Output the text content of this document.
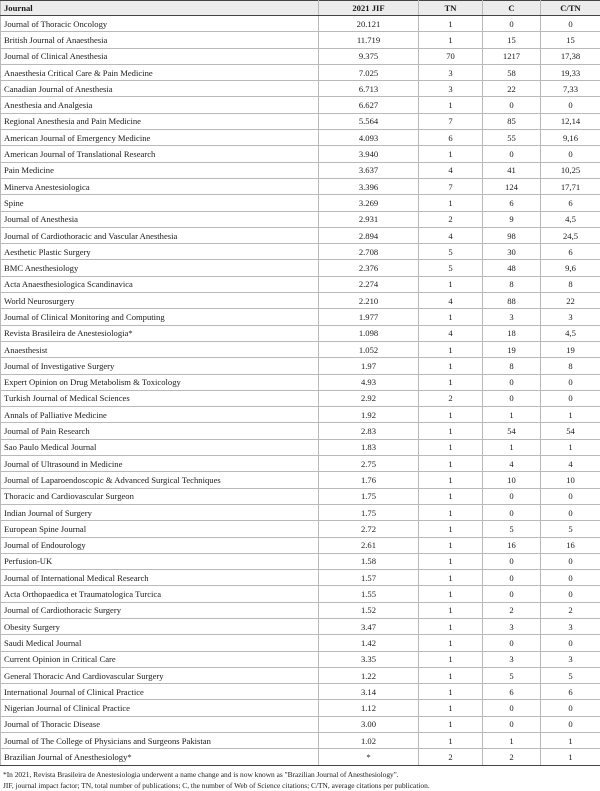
Journal	2021 JIF	TN	C	C/TN
Journal of Thoracic Oncology	20.121	1	0	0
British Journal of Anaesthesia	11.719	1	15	15
Journal of Clinical Anesthesia	9.375	70	1217	17,38
Anaesthesia Critical Care & Pain Medicine	7.025	3	58	19,33
Canadian Journal of Anesthesia	6.713	3	22	7,33
Anesthesia and Analgesia	6.627	1	0	0
Regional Anesthesia and Pain Medicine	5.564	7	85	12,14
American Journal of Emergency Medicine	4.093	6	55	9,16
American Journal of Translational Research	3.940	1	0	0
Pain Medicine	3.637	4	41	10,25
Minerva Anestesiologica	3.396	7	124	17,71
Spine	3.269	1	6	6
Journal of Anesthesia	2.931	2	9	4,5
Journal of Cardiothoracic and Vascular Anesthesia	2.894	4	98	24,5
Aesthetic Plastic Surgery	2.708	5	30	6
BMC Anesthesiology	2.376	5	48	9,6
Acta Anaesthesiologica Scandinavica	2.274	1	8	8
World Neurosurgery	2.210	4	88	22
Journal of Clinical Monitoring and Computing	1.977	1	3	3
Revista Brasileira de Anestesiologia*	1.098	4	18	4,5
Anaesthesist	1.052	1	19	19
Journal of Investigative Surgery	1.97	1	8	8
Expert Opinion on Drug Metabolism & Toxicology	4.93	1	0	0
Turkish Journal of Medical Sciences	2.92	2	0	0
Annals of Palliative Medicine	1.92	1	1	1
Journal of Pain Research	2.83	1	54	54
Sao Paulo Medical Journal	1.83	1	1	1
Journal of Ultrasound in Medicine	2.75	1	4	4
Journal of Laparoendoscopic & Advanced Surgical Techniques	1.76	1	10	10
Thoracic and Cardiovascular Surgeon	1.75	1	0	0
Indian Journal of Surgery	1.75	1	0	0
European Spine Journal	2.72	1	5	5
Journal of Endourology	2.61	1	16	16
Perfusion-UK	1.58	1	0	0
Journal of International Medical Research	1.57	1	0	0
Acta Orthopaedica et Traumatologica Turcica	1.55	1	0	0
Journal of Cardiothoracic Surgery	1.52	1	2	2
Obesity Surgery	3.47	1	3	3
Saudi Medical Journal	1.42	1	0	0
Current Opinion in Critical Care	3.35	1	3	3
General Thoracic And Cardiovascular Surgery	1.22	1	5	5
International Journal of Clinical Practice	3.14	1	6	6
Nigerian Journal of Clinical Practice	1.12	1	0	0
Journal of Thoracic Disease	3.00	1	0	0
Journal of The College of Physicians and Surgeons Pakistan	1.02	1	1	1
Brazilian Journal of Anesthesiology*	*	2	2	1
*In 2021, Revista Brasileira de Anestesiologia underwent a name change and is now known as "Brazilian Journal of Anesthesiology".
JIF, journal impact factor; TN, total number of publications; C, the number of Web of Science citations; C/TN, average citations per publication.
